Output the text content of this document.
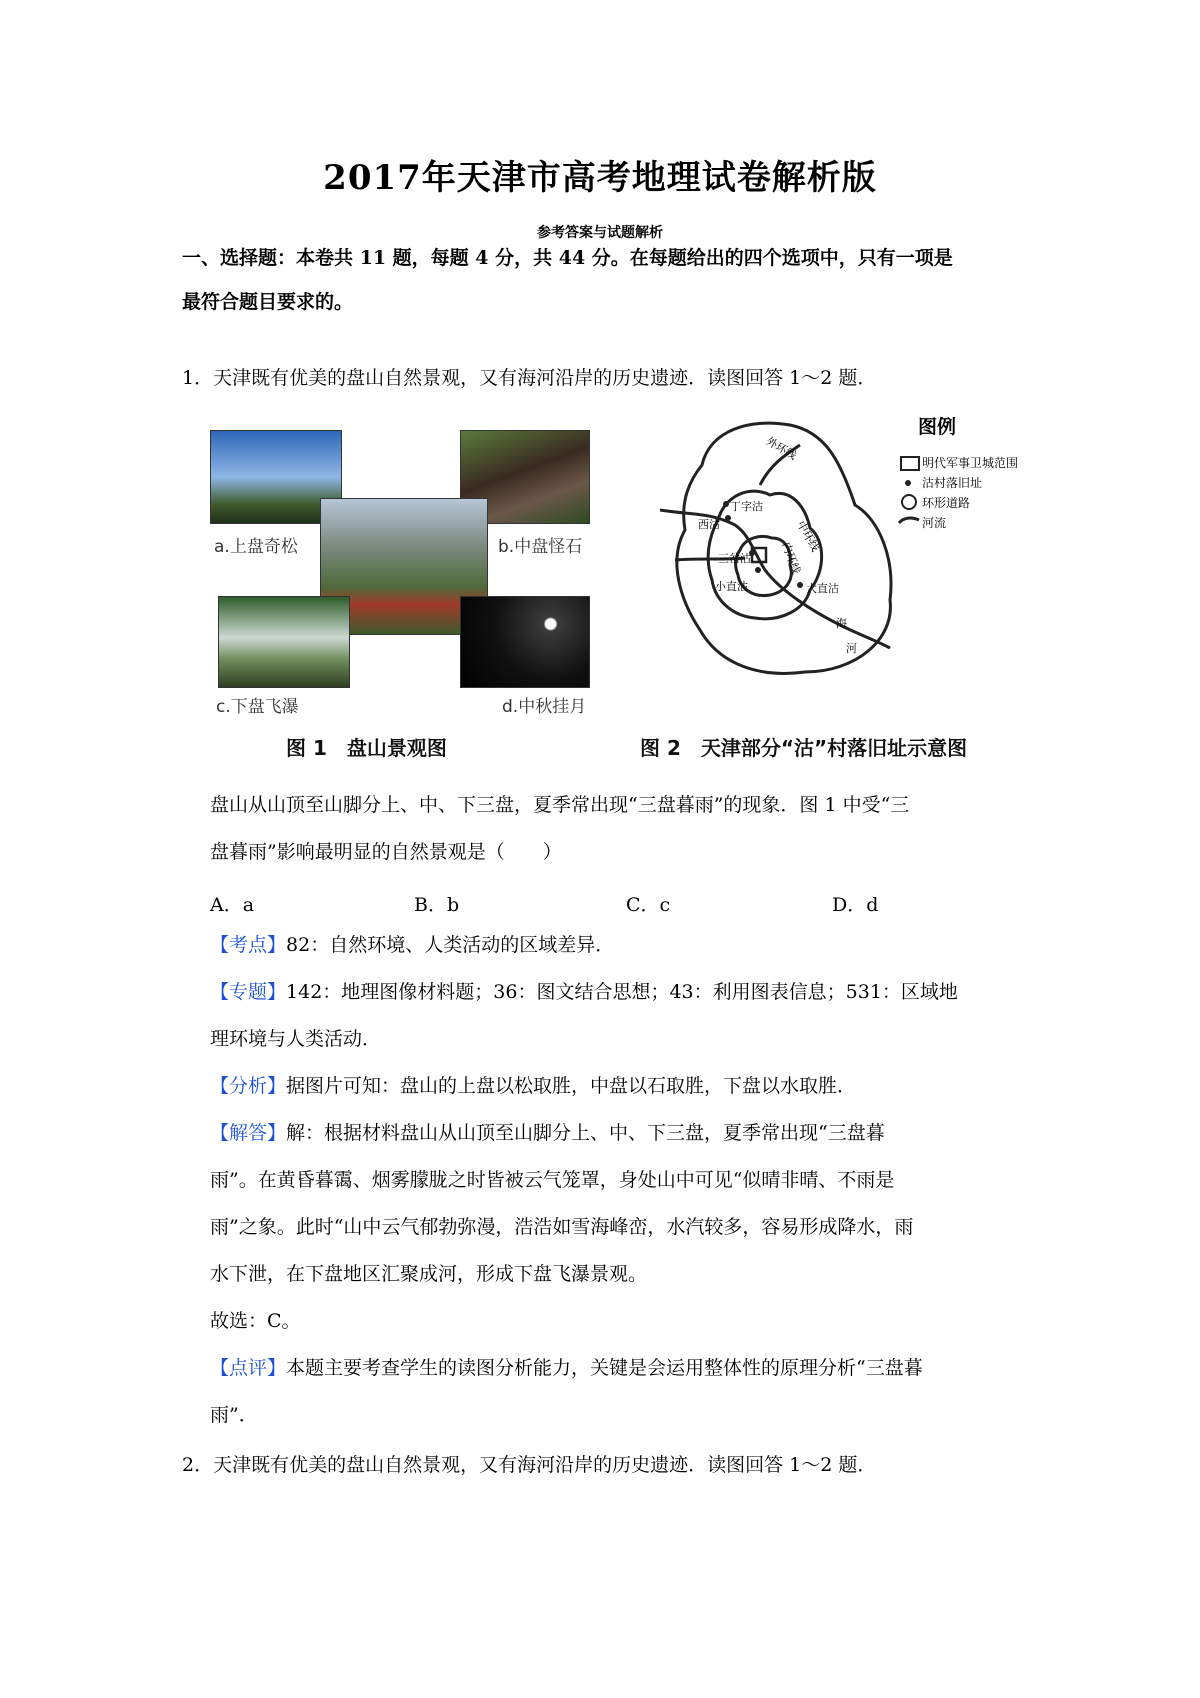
2017年天津市高考地理试卷解析版
参考答案与试题解析
一、选择题：本卷共 11 题，每题 4 分，共 44 分。在每题给出的四个选项中，只有一项是
最符合题目要求的。
1．天津既有优美的盘山自然景观，又有海河沿岸的历史遗迹．读图回答 1～2 题．
a.上盘奇松	b.中盘怪石
c.下盘飞瀑	d.中秋挂月
图 1　盘山景观图
外环线
中环线
内环线
丁字沽
西沽
三岔沽
小直沽	大直沽
海
河
图例
明代军事卫城范围
沽村落旧址
环形道路
河流
图 2　天津部分“沽”村落旧址示意图
盘山从山顶至山脚分上、中、下三盘，夏季常出现“三盘暮雨”的现象．图 1 中受“三
盘暮雨”影响最明显的自然景观是（　　）
A．a	B．b	C．c	D．d
【考点】82：自然环境、人类活动的区域差异．
【专题】142：地理图像材料题；36：图文结合思想；43：利用图表信息；531：区域地
理环境与人类活动．
【分析】据图片可知：盘山的上盘以松取胜，中盘以石取胜，下盘以水取胜．
【解答】解：根据材料盘山从山顶至山脚分上、中、下三盘，夏季常出现“三盘暮
雨”。在黄昏暮霭、烟雾朦胧之时皆被云气笼罩，身处山中可见“似晴非晴、不雨是
雨”之象。此时“山中云气郁勃弥漫，浩浩如雪海峰峦，水汽较多，容易形成降水，雨
水下泄，在下盘地区汇聚成河，形成下盘飞瀑景观。
故选：C。
【点评】本题主要考查学生的读图分析能力，关键是会运用整体性的原理分析“三盘暮
雨”．
2．天津既有优美的盘山自然景观，又有海河沿岸的历史遗迹．读图回答 1～2 题．
